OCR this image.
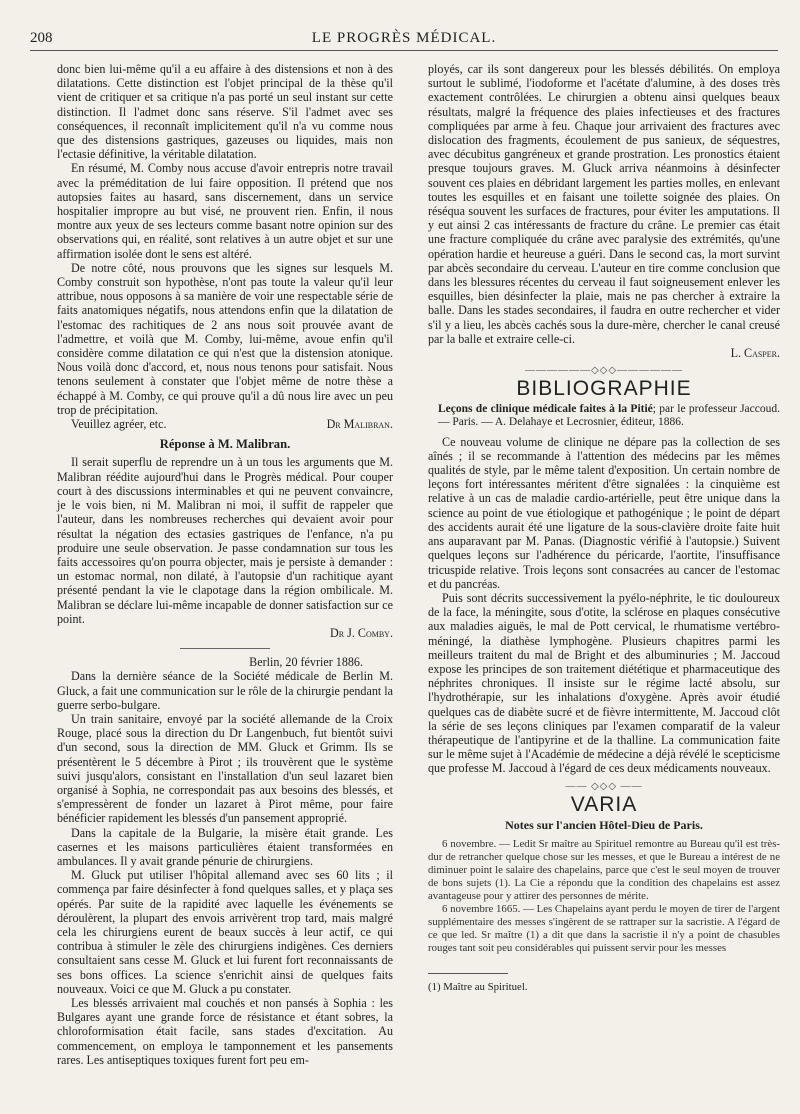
208	LE PROGRÈS MÉDICAL.

donc bien lui-même qu'il a eu affaire à des distensions et non à des dilatations. Cette distinction est l'objet principal de la thèse qu'il vient de critiquer et sa critique n'a pas porté un seul instant sur cette distinction. Il l'admet donc sans réserve. S'il l'admet avec ses conséquences, il reconnaît implicitement qu'il n'a vu comme nous que des distensions gastriques, gazeuses ou liquides, mais non l'ectasie définitive, la véritable dilatation.

En résumé, M. Comby nous accuse d'avoir entrepris notre travail avec la préméditation de lui faire opposition. Il prétend que nos autopsies faites au hasard, sans discernement, dans un service hospitalier impropre au but visé, ne prouvent rien. Enfin, il nous montre aux yeux de ses lecteurs comme basant notre opinion sur des observations qui, en réalité, sont relatives à un autre objet et sur une affirmation isolée dont le sens est altéré.

De notre côté, nous prouvons que les signes sur lesquels M. Comby construit son hypothèse, n'ont pas toute la valeur qu'il leur attribue, nous opposons à sa manière de voir une respectable série de faits anatomiques négatifs, nous attendons enfin que la dilatation de l'estomac des rachitiques de 2 ans nous soit prouvée avant de l'admettre, et voilà que M. Comby, lui-même, avoue enfin qu'il considère comme dilatation ce qui n'est que la distension atonique. Nous voilà donc d'accord, et, nous nous tenons pour satisfait. Nous tenons seulement à constater que l'objet même de notre thèse a échappé à M. Comby, ce qui prouve qu'il a dû nous lire avec un peu trop de précipitation.

Veuillez agréer, etc.	Dr Malibran.
Réponse à M. Malibran.

Il serait superflu de reprendre un à un tous les arguments que M. Malibran réédite aujourd'hui dans le Progrès médical. Pour couper court à des discussions interminables et qui ne peuvent convaincre, je le vois bien, ni M. Malibran ni moi, il suffit de rappeler que l'auteur, dans les nombreuses recherches qui devaient avoir pour résultat la négation des ectasies gastriques de l'enfance, n'a pu produire une seule observation. Je passe condamnation sur tous les faits accessoires qu'on pourra objecter, mais je persiste à demander : un estomac normal, non dilaté, à l'autopsie d'un rachitique ayant présenté pendant la vie le clapotage dans la région ombilicale. M. Malibran se déclare lui-même incapable de donner satisfaction sur ce point.

Dr J. Comby.
Berlin, 20 février 1886.

Dans la dernière séance de la Société médicale de Berlin M. Gluck, a fait une communication sur le rôle de la chirurgie pendant la guerre serbo-bulgare.

Un train sanitaire, envoyé par la société allemande de la Croix Rouge, placé sous la direction du Dr Langenbuch, fut bientôt suivi d'un second, sous la direction de MM. Gluck et Grimm. Ils se présentèrent le 5 décembre à Pirot ; ils trouvèrent que le système suivi jusqu'alors, consistant en l'installation d'un seul lazaret bien organisé à Sophia, ne correspondait pas aux besoins des blessés, et s'empressèrent de fonder un lazaret à Pirot même, pour faire bénéficier rapidement les blessés d'un pansement approprié.

Dans la capitale de la Bulgarie, la misère était grande. Les casernes et les maisons particulières étaient transformées en ambulances. Il y avait grande pénurie de chirurgiens.

M. Gluck put utiliser l'hôpital allemand avec ses 60 lits ; il commença par faire désinfecter à fond quelques salles, et y plaça ses opérés. Par suite de la rapidité avec laquelle les événements se déroulèrent, la plupart des envois arrivèrent trop tard, mais malgré cela les chirurgiens eurent de beaux succès à leur actif, ce qui contribua à stimuler le zèle des chirurgiens indigènes. Ces derniers consultaient sans cesse M. Gluck et lui furent fort reconnaissants de ses bons offices. La science s'enrichit ainsi de quelques faits nouveaux. Voici ce que M. Gluck a pu constater.

Les blessés arrivaient mal couchés et non pansés à Sophia : les Bulgares ayant une grande force de résistance et étant sobres, la chloroformisation était facile, sans stades d'excitation. Au commencement, on employa le tamponnement et les pansements rares. Les antiseptiques toxiques furent fort peu em-

ployés, car ils sont dangereux pour les blessés débilités. On employa surtout le sublimé, l'iodoforme et l'acétate d'alumine, à des doses très exactement contrôlées. Le chirurgien a obtenu ainsi quelques beaux résultats, malgré la fréquence des plaies infectieuses et des fractures compliquées par arme à feu. Chaque jour arrivaient des fractures avec dislocation des fragments, écoulement de pus sanieux, de séquestres, avec décubitus gangréneux et grande prostration. Les pronostics étaient presque toujours graves. M. Gluck arriva néanmoins à désinfecter souvent ces plaies en débridant largement les parties molles, en enlevant toutes les esquilles et en faisant une toilette soignée des plaies. On réséqua souvent les surfaces de fractures, pour éviter les amputations. Il y eut ainsi 2 cas intéressants de fracture du crâne. Le premier cas était une fracture compliquée du crâne avec paralysie des extrémités, qu'une opération hardie et heureuse a guéri. Dans le second cas, la mort survint par abcès secondaire du cerveau. L'auteur en tire comme conclusion que dans les blessures récentes du cerveau il faut soigneusement enlever les esquilles, bien désinfecter la plaie, mais ne pas chercher à extraire la balle. Dans les stades secondaires, il faudra en outre rechercher et vider s'il y a lieu, les abcès cachés sous la dure-mère, chercher le canal creusé par la balle et extraire celle-ci.

L. Casper.
——————◇◇◇——————
BIBLIOGRAPHIE

Leçons de clinique médicale faites à la Pitié; par le professeur Jaccoud. — Paris. — A. Delahaye et Lecrosnier, éditeur, 1886.

Ce nouveau volume de clinique ne dépare pas la collection de ses aînés ; il se recommande à l'attention des médecins par les mêmes qualités de style, par le même talent d'exposition. Un certain nombre de leçons fort intéressantes méritent d'être signalées : la cinquième est relative à un cas de maladie cardio-artérielle, peut être unique dans la science au point de vue étiologique et pathogénique ; le point de départ des accidents aurait été une ligature de la sous-clavière droite faite huit ans auparavant par M. Panas. (Diagnostic vérifié à l'autopsie.) Suivent quelques leçons sur l'adhérence du péricarde, l'aortite, l'insuffisance tricuspide relative. Trois leçons sont consacrées au cancer de l'estomac et du pancréas.

Puis sont décrits successivement la pyélo-néphrite, le tic douloureux de la face, la méningite, sous d'otite, la sclérose en plaques consécutive aux maladies aiguës, le mal de Pott cervical, le rhumatisme vertébro-méningé, la diathèse lymphogène. Plusieurs chapitres parmi les meilleurs traitent du mal de Bright et des albuminuries ; M. Jaccoud expose les principes de son traitement diététique et pharmaceutique des néphrites chroniques. Il insiste sur le régime lacté absolu, sur l'hydrothérapie, sur les inhalations d'oxygène. Après avoir étudié quelques cas de diabète sucré et de fièvre intermittente, M. Jaccoud clôt la série de ses leçons cliniques par l'examen comparatif de la valeur thérapeutique de l'antipyrine et de la thalline. La communication faite sur le même sujet à l'Académie de médecine a déjà révélé le scepticisme que professe M. Jaccoud à l'égard de ces deux médicaments nouveaux.

—— ◇◇◇ ——
VARIA
Notes sur l'ancien Hôtel-Dieu de Paris.

6 novembre. — Ledit Sr maître au Spirituel remontre au Bureau qu'il est très-dur de retrancher quelque chose sur les messes, et que le Bureau a intérest de ne diminuer point le salaire des chapelains, parce que c'est le seul moyen de trouver de bons sujets (1). La Cie a répondu que la condition des chapelains est assez avantageuse pour y attirer des personnes de mérite.

6 novembre 1665. — Les Chapelains ayant perdu le moyen de tirer de l'argent supplémentaire des messes s'ingèrent de se rattraper sur la sacristie. A l'égard de ce que led. Sr maître (1) a dit que dans la sacristie il n'y a point de chasubles rouges tant soit peu considérables qui puissent servir pour les messes

(1) Maître au Spirituel.
